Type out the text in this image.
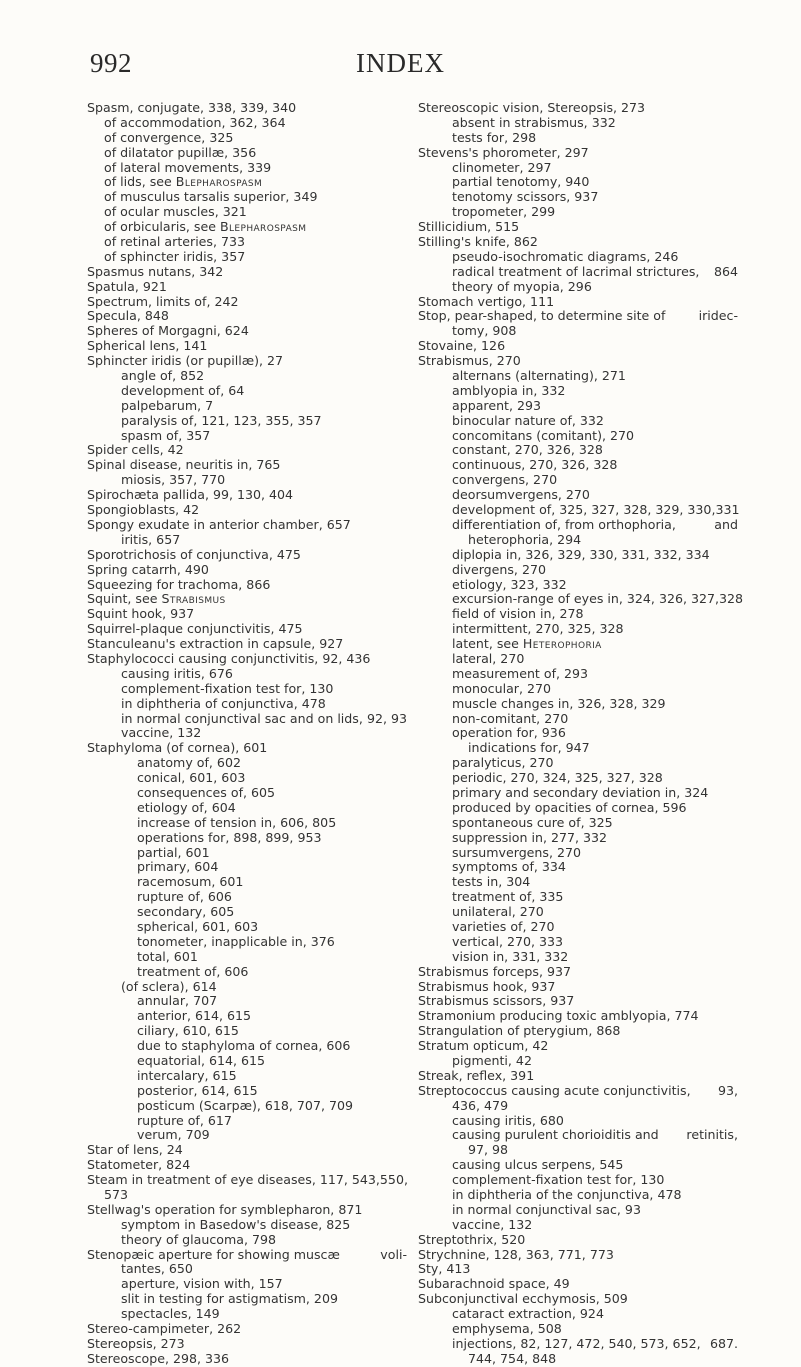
992	INDEX
Spasm, conjugate, 338, 339, 340
of accommodation, 362, 364
of convergence, 325
of dilatator pupillæ, 356
of lateral movements, 339
of lids, see Blepharospasm
of musculus tarsalis superior, 349
of ocular muscles, 321
of orbicularis, see Blepharospasm
of retinal arteries, 733
of sphincter iridis, 357
Spasmus nutans, 342
Spatula, 921
Spectrum, limits of, 242
Specula, 848
Spheres of Morgagni, 624
Spherical lens, 141
Sphincter iridis (or pupillæ), 27
angle of, 852
development of, 64
palpebarum, 7
paralysis of, 121, 123, 355, 357
spasm of, 357
Spider cells, 42
Spinal disease, neuritis in, 765
miosis, 357, 770
Spirochæta pallida, 99, 130, 404
Spongioblasts, 42
Spongy exudate in anterior chamber, 657
iritis, 657
Sporotrichosis of conjunctiva, 475
Spring catarrh, 490
Squeezing for trachoma, 866
Squint, see Strabismus
Squint hook, 937
Squirrel-plaque conjunctivitis, 475
Stanculeanu's extraction in capsule, 927
Staphylococci causing conjunctivitis, 92, 436
causing iritis, 676
complement-fixation test for, 130
in diphtheria of conjunctiva, 478
in normal conjunctival sac and on lids, 92, 93
vaccine, 132
Staphyloma (of cornea), 601
anatomy of, 602
conical, 601, 603
consequences of, 605
etiology of, 604
increase of tension in, 606, 805
operations for, 898, 899, 953
partial, 601
primary, 604
racemosum, 601
rupture of, 606
secondary, 605
spherical, 601, 603
tonometer, inapplicable in, 376
total, 601
treatment of, 606
(of sclera), 614
annular, 707
anterior, 614, 615
ciliary, 610, 615
due to staphyloma of cornea, 606
equatorial, 614, 615
intercalary, 615
posterior, 614, 615
posticum (Scarpæ), 618, 707, 709
rupture of, 617
verum, 709
Star of lens, 24
Statometer, 824
Steam in treatment of eye diseases, 117, 543, 550,
573
Stellwag's operation for symblepharon, 871
symptom in Basedow's disease, 825
theory of glaucoma, 798
Stenopæic aperture for showing muscæ	voli-
tantes, 650
aperture, vision with, 157
slit in testing for astigmatism, 209
spectacles, 149
Stereo-campimeter, 262
Stereopsis, 273
Stereoscope, 298, 336
Stereoscopic vision, Stereopsis, 273
absent in strabismus, 332
tests for, 298
Stevens's phorometer, 297
clinometer, 297
partial tenotomy, 940
tenotomy scissors, 937
tropometer, 299
Stillicidium, 515
Stilling's knife, 862
pseudo-isochromatic diagrams, 246
radical treatment of lacrimal strictures, 864
theory of myopia, 296
Stomach vertigo, 111
Stop, pear-shaped, to determine site of	iridec-
tomy, 908
Stovaine, 126
Strabismus, 270
alternans (alternating), 271
amblyopia in, 332
apparent, 293
binocular nature of, 332
concomitans (comitant), 270
constant, 270, 326, 328
continuous, 270, 326, 328
convergens, 270
deorsumvergens, 270
development of, 325, 327, 328, 329, 330, 331
differentiation of, from orthophoria,	and
heterophoria, 294
diplopia in, 326, 329, 330, 331, 332, 334
divergens, 270
etiology, 323, 332
excursion-range of eyes in, 324, 326, 327, 328
field of vision in, 278
intermittent, 270, 325, 328
latent, see Heterophoria
lateral, 270
measurement of, 293
monocular, 270
muscle changes in, 326, 328, 329
non-comitant, 270
operation for, 936
indications for, 947
paralyticus, 270
periodic, 270, 324, 325, 327, 328
primary and secondary deviation in, 324
produced by opacities of cornea, 596
spontaneous cure of, 325
suppression in, 277, 332
sursumvergens, 270
symptoms of, 334
tests in, 304
treatment of, 335
unilateral, 270
varieties of, 270
vertical, 270, 333
vision in, 331, 332
Strabismus forceps, 937
Strabismus hook, 937
Strabismus scissors, 937
Stramonium producing toxic amblyopia, 774
Strangulation of pterygium, 868
Stratum opticum, 42
pigmenti, 42
Streak, reflex, 391
Streptococcus causing acute conjunctivitis, 93,
436, 479
causing iritis, 680
causing purulent chorioiditis and retinitis,
97, 98
causing ulcus serpens, 545
complement-fixation test for, 130
in diphtheria of the conjunctiva, 478
in normal conjunctival sac, 93
vaccine, 132
Streptothrix, 520
Strychnine, 128, 363, 771, 773
Sty, 413
Subarachnoid space, 49
Subconjunctival ecchymosis, 509
cataract extraction, 924
emphysema, 508
injections, 82, 127, 472, 540, 573, 652, 687.
744, 754, 848
